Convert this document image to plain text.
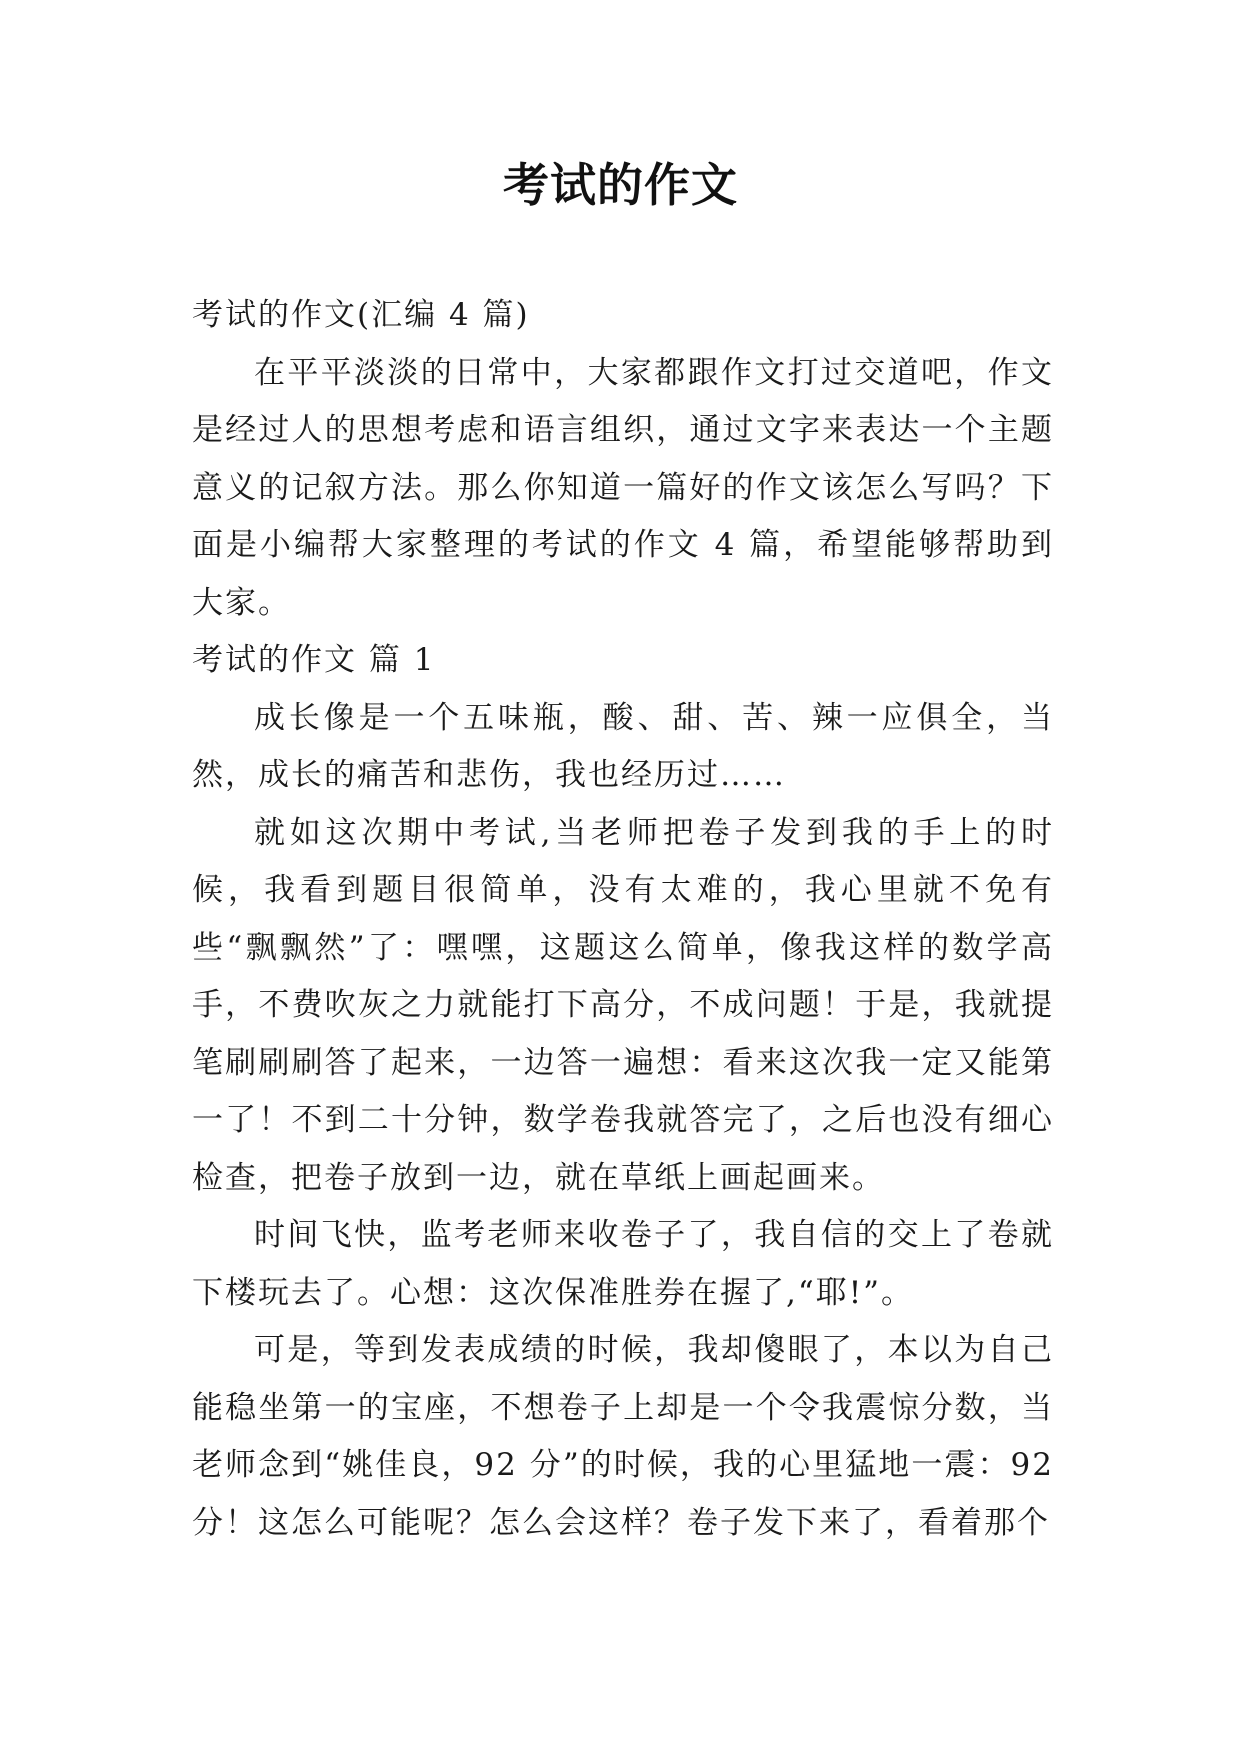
考试的作文

考试的作文(汇编 4 篇)

在平平淡淡的日常中，大家都跟作文打过交道吧，作文是经过人的思想考虑和语言组织，通过文字来表达一个主题意义的记叙方法。那么你知道一篇好的作文该怎么写吗？下面是小编帮大家整理的考试的作文 4 篇，希望能够帮助到大家。

考试的作文 篇 1

成长像是一个五味瓶，酸、甜、苦、辣一应俱全，当然，成长的痛苦和悲伤，我也经历过……

就如这次期中考试,当老师把卷子发到我的手上的时候，我看到题目很简单，没有太难的，我心里就不免有些“飘飘然”了：嘿嘿，这题这么简单，像我这样的数学高手，不费吹灰之力就能打下高分，不成问题！于是，我就提笔刷刷刷答了起来，一边答一遍想：看来这次我一定又能第一了！不到二十分钟，数学卷我就答完了，之后也没有细心检查，把卷子放到一边，就在草纸上画起画来。

时间飞快，监考老师来收卷子了，我自信的交上了卷就下楼玩去了。心想：这次保准胜券在握了,“耶!”。

可是，等到发表成绩的时候，我却傻眼了，本以为自己能稳坐第一的宝座，不想卷子上却是一个令我震惊分数，当老师念到“姚佳良，92 分”的时候，我的心里猛地一震：92 分！这怎么可能呢？怎么会这样？卷子发下来了，看着那个
